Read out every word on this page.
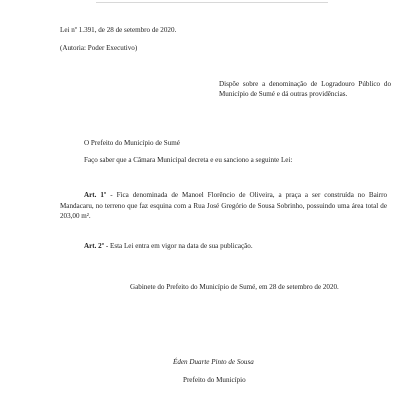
Lei nº 1.391, de 28 de setembro de 2020.
(Autoria: Poder Executivo)
Dispõe sobre a denominação de Logradouro Público do Município de Sumé e dá outras providências.
O Prefeito do Município de Sumé
Faço saber que a Câmara Municipal decreta e eu sanciono a seguinte Lei:
Art. 1º - Fica denominada de Manoel Florêncio de Oliveira, a praça a ser construída no Bairro Mandacaru, no terreno que faz esquina com a Rua José Gregório de Sousa Sobrinho, possuindo uma área total de 203,00 m².
Art. 2º - Esta Lei entra em vigor na data de sua publicação.
Gabinete do Prefeito do Município de Sumé, em 28 de setembro de 2020.
Éden Duarte Pinto de Sousa
Prefeito do Município
